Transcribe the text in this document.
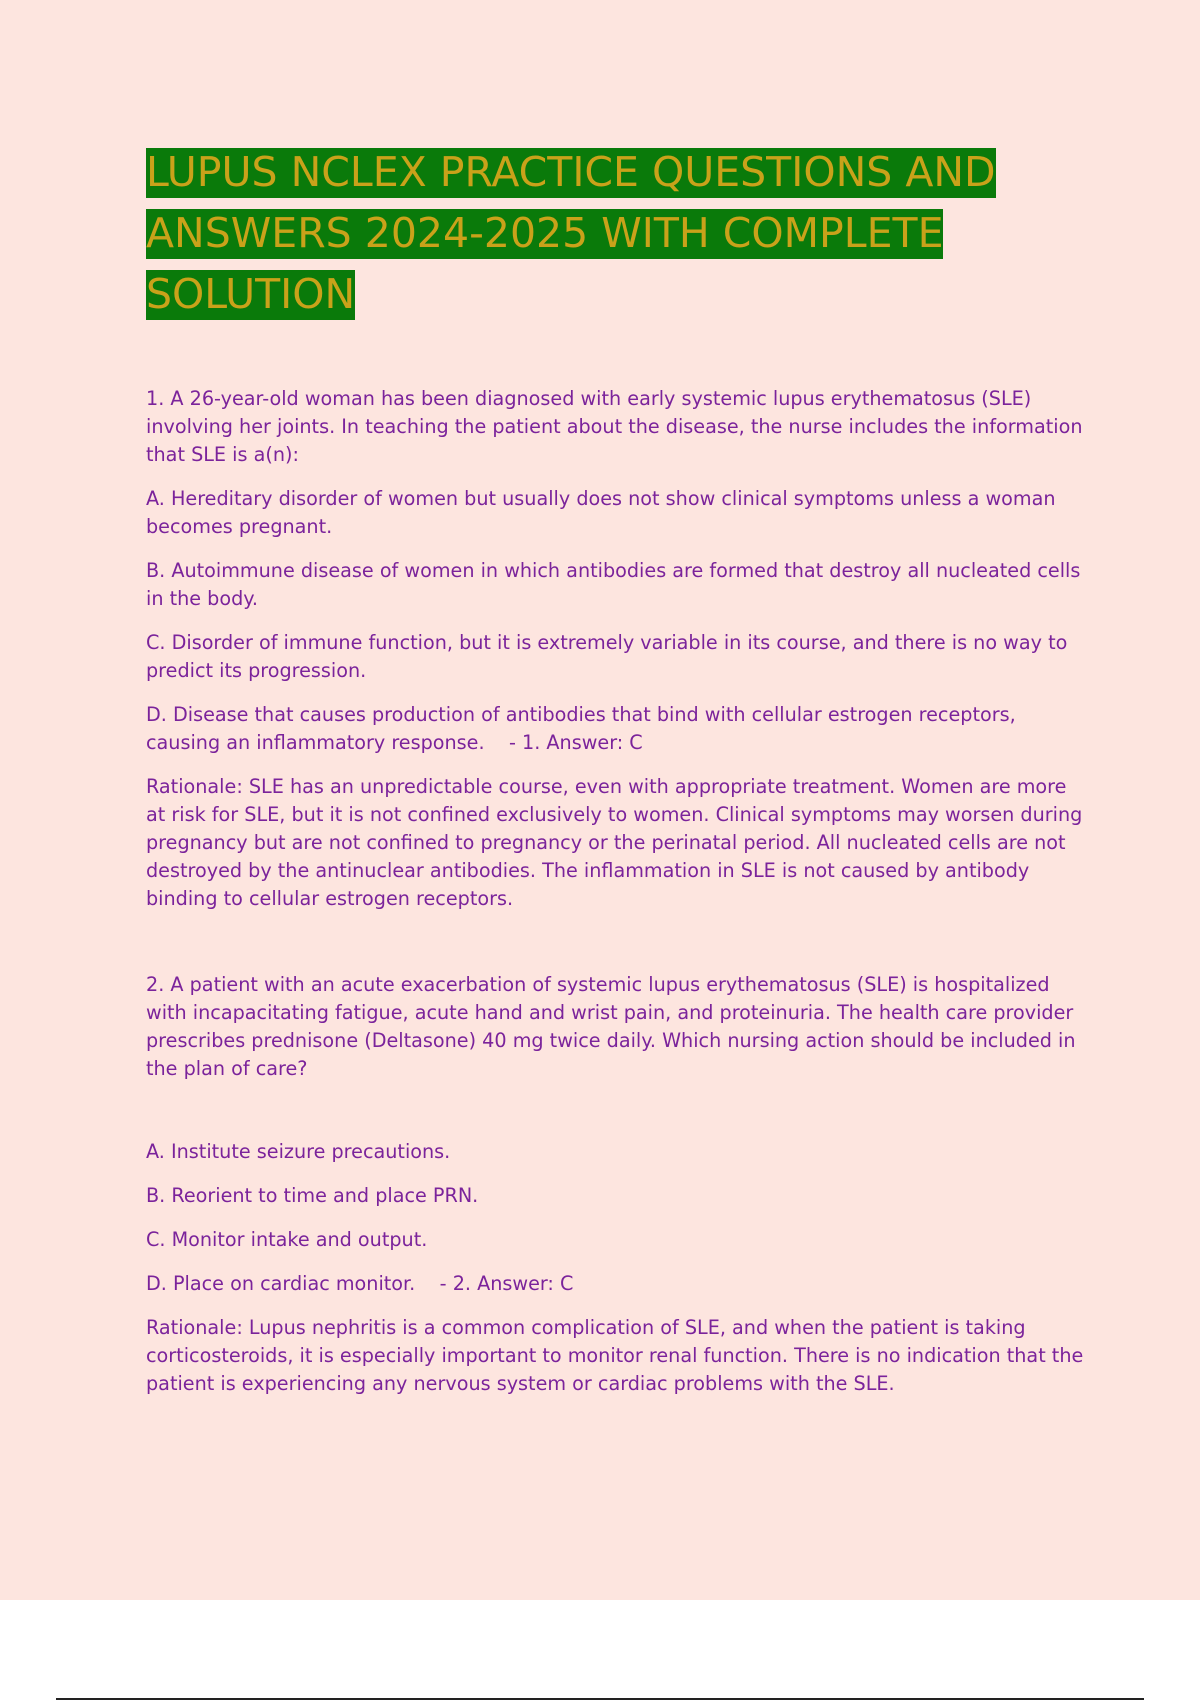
LUPUS NCLEX PRACTICE QUESTIONS AND ANSWERS 2024-2025 WITH COMPLETE SOLUTION

1. A 26-year-old woman has been diagnosed with early systemic lupus erythematosus (SLE) involving her joints. In teaching the patient about the disease, the nurse includes the information that SLE is a(n):

A. Hereditary disorder of women but usually does not show clinical symptoms unless a woman becomes pregnant.

B. Autoimmune disease of women in which antibodies are formed that destroy all nucleated cells in the body.

C. Disorder of immune function, but it is extremely variable in its course, and there is no way to predict its progression.

D. Disease that causes production of antibodies that bind with cellular estrogen receptors, causing an inflammatory response.    - 1. Answer: C

Rationale: SLE has an unpredictable course, even with appropriate treatment. Women are more at risk for SLE, but it is not confined exclusively to women. Clinical symptoms may worsen during pregnancy but are not confined to pregnancy or the perinatal period. All nucleated cells are not destroyed by the antinuclear antibodies. The inflammation in SLE is not caused by antibody binding to cellular estrogen receptors.

2. A patient with an acute exacerbation of systemic lupus erythematosus (SLE) is hospitalized with incapacitating fatigue, acute hand and wrist pain, and proteinuria. The health care provider prescribes prednisone (Deltasone) 40 mg twice daily. Which nursing action should be included in the plan of care?

A. Institute seizure precautions.

B. Reorient to time and place PRN.

C. Monitor intake and output.

D. Place on cardiac monitor.    - 2. Answer: C

Rationale: Lupus nephritis is a common complication of SLE, and when the patient is taking corticosteroids, it is especially important to monitor renal function. There is no indication that the patient is experiencing any nervous system or cardiac problems with the SLE.
